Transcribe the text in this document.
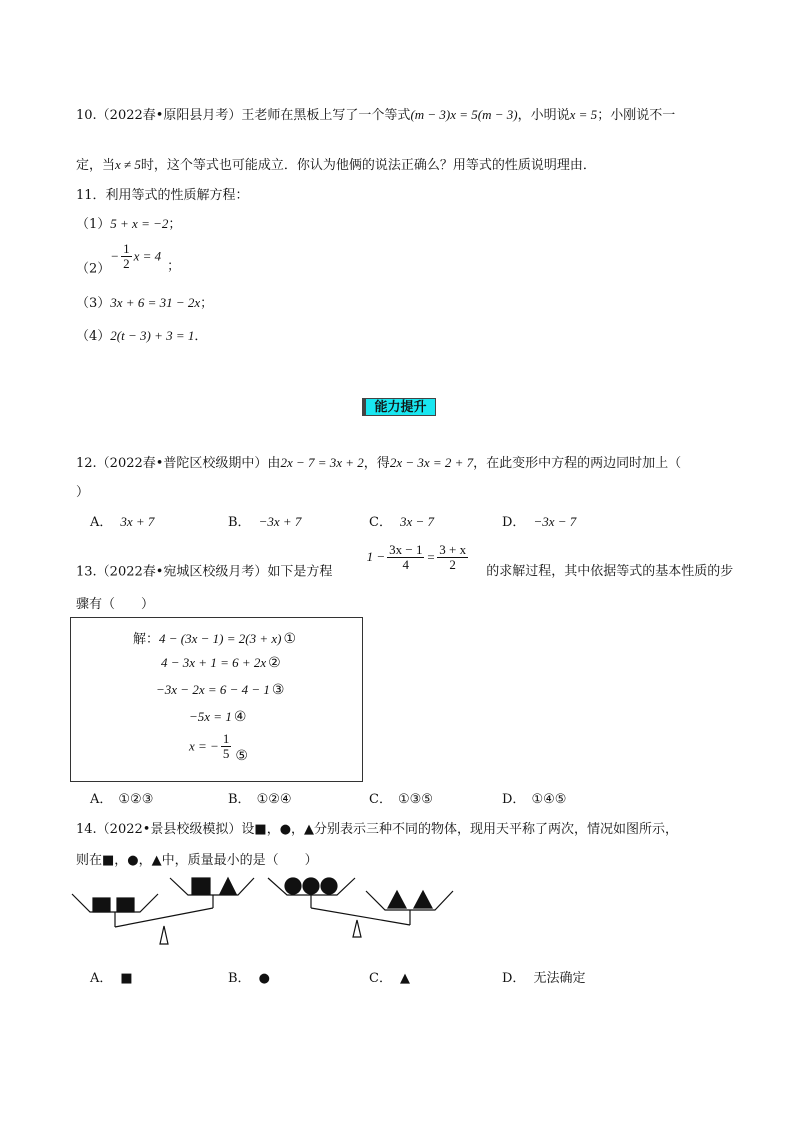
10.（2022春•原阳县月考）王老师在黑板上写了一个等式(m − 3)x = 5(m − 3)，小明说x = 5；小刚说不一
定，当x ≠ 5时，这个等式也可能成立．你认为他俩的说法正确么？用等式的性质说明理由．
11．利用等式的性质解方程：
（1）5 + x = −2；
$(2)- \frac{1}{2}$ x = 4；
（3）3x + 6 = 31 − 2x；
（4）2(t − 3) + 3 = 1．
能力提升
12.（2022春•普陀区校级期中）由2x − 7 = 3x + 2，得2x − 3x = 2 + 7，在此变形中方程的两边同时加上（
）
A． 3x + 7	B． −3x + 7	C． 3x − 7	D． −3x − 7
13.（2022春•宛城区校级月考）如下是方程 $1 - \frac{3x - 1}{4} = \frac{3 + x}{2}$ 的求解过程，其中依据等式的基本性质的步
骤有（　　）
解：4 − (3x − 1) = 2(3 + x) ①
4 − 3x + 1 = 6 + 2x ②
−3x − 2x = 6 − 4 − 1 ③
−5x = 1 ④
x = − $\frac{1}{5}$ ⑤
A． ①②③	B． ①②④	C． ①③⑤	D． ①④⑤
14.（2022•景县校级模拟）设■，●，▲分别表示三种不同的物体，现用天平称了两次，情况如图所示，
则在■，●，▲中，质量最小的是（　　）
A． ■	B． ●	C． ▲	D． 无法确定
